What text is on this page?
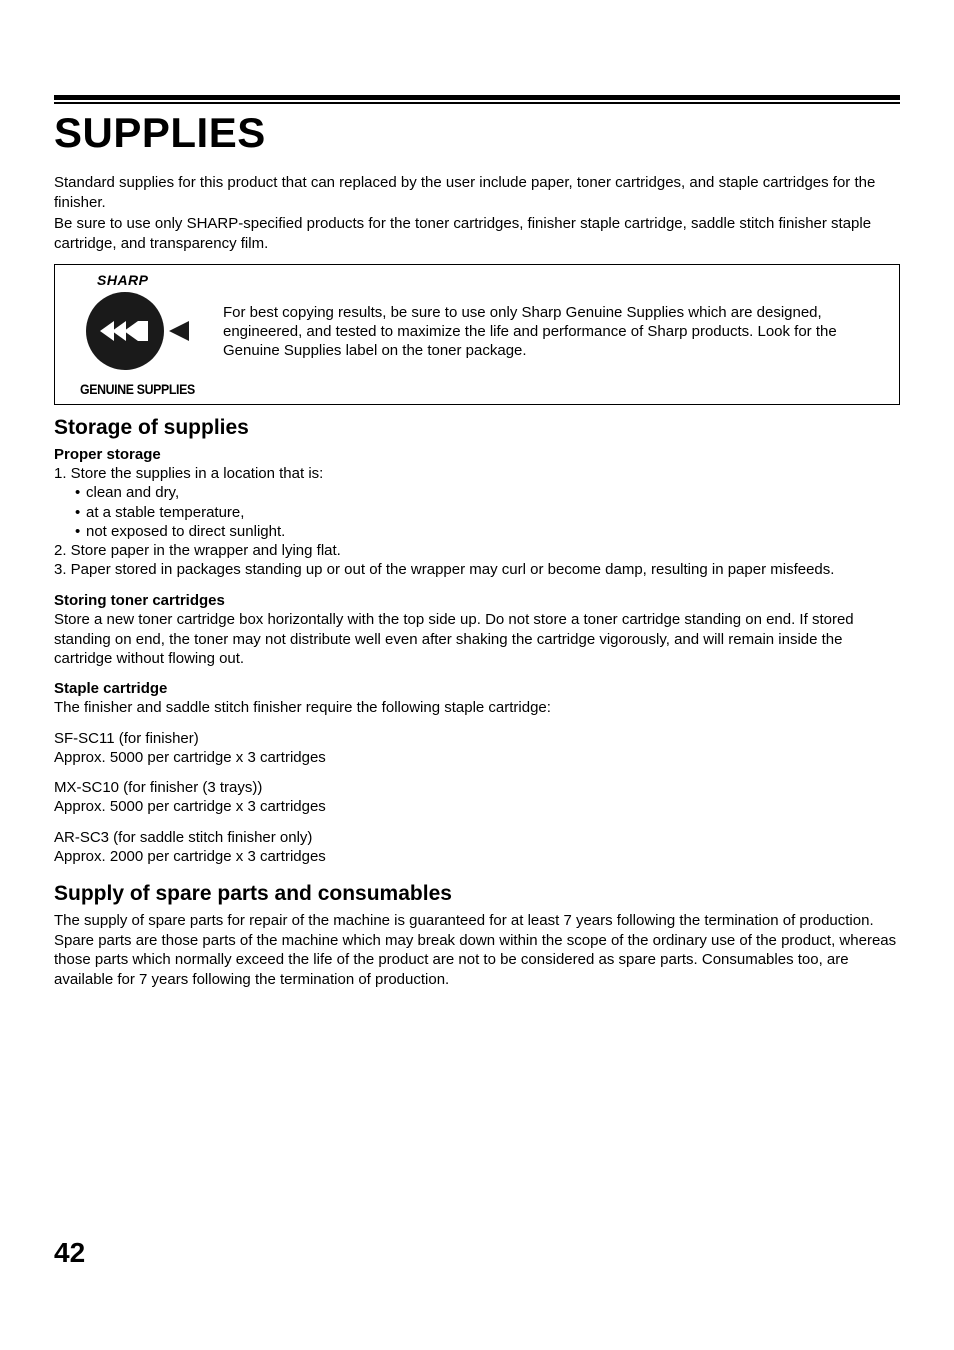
SUPPLIES

Standard supplies for this product that can replaced by the user include paper, toner cartridges, and staple cartridges for the finisher.

Be sure to use only SHARP-specified products for the toner cartridges, finisher staple cartridge, saddle stitch finisher staple cartridge, and transparency film.

SHARP
GENUINE SUPPLIES

For best copying results, be sure to use only Sharp Genuine Supplies which are designed, engineered, and tested to maximize the life and performance of Sharp products. Look for the Genuine Supplies label on the toner package.

Storage of supplies
Proper storage
1. Store the supplies in a location that is:
• clean and dry,
• at a stable temperature,
• not exposed to direct sunlight.
2. Store paper in the wrapper and lying flat.
3. Paper stored in packages standing up or out of the wrapper may curl or become damp, resulting in paper misfeeds.
Storing toner cartridges

Store a new toner cartridge box horizontally with the top side up. Do not store a toner cartridge standing on end. If stored standing on end, the toner may not distribute well even after shaking the cartridge vigorously, and will remain inside the cartridge without flowing out.

Staple cartridge
The finisher and saddle stitch finisher require the following staple cartridge:
SF-SC11 (for finisher)
Approx. 5000 per cartridge x 3 cartridges
MX-SC10 (for finisher (3 trays))
Approx. 5000 per cartridge x 3 cartridges
AR-SC3 (for saddle stitch finisher only)
Approx. 2000 per cartridge x 3 cartridges
Supply of spare parts and consumables

The supply of spare parts for repair of the machine is guaranteed for at least 7 years following the termination of production. Spare parts are those parts of the machine which may break down within the scope of the ordinary use of the product, whereas those parts which normally exceed the life of the product are not to be considered as spare parts. Consumables too, are available for 7 years following the termination of production.

42
